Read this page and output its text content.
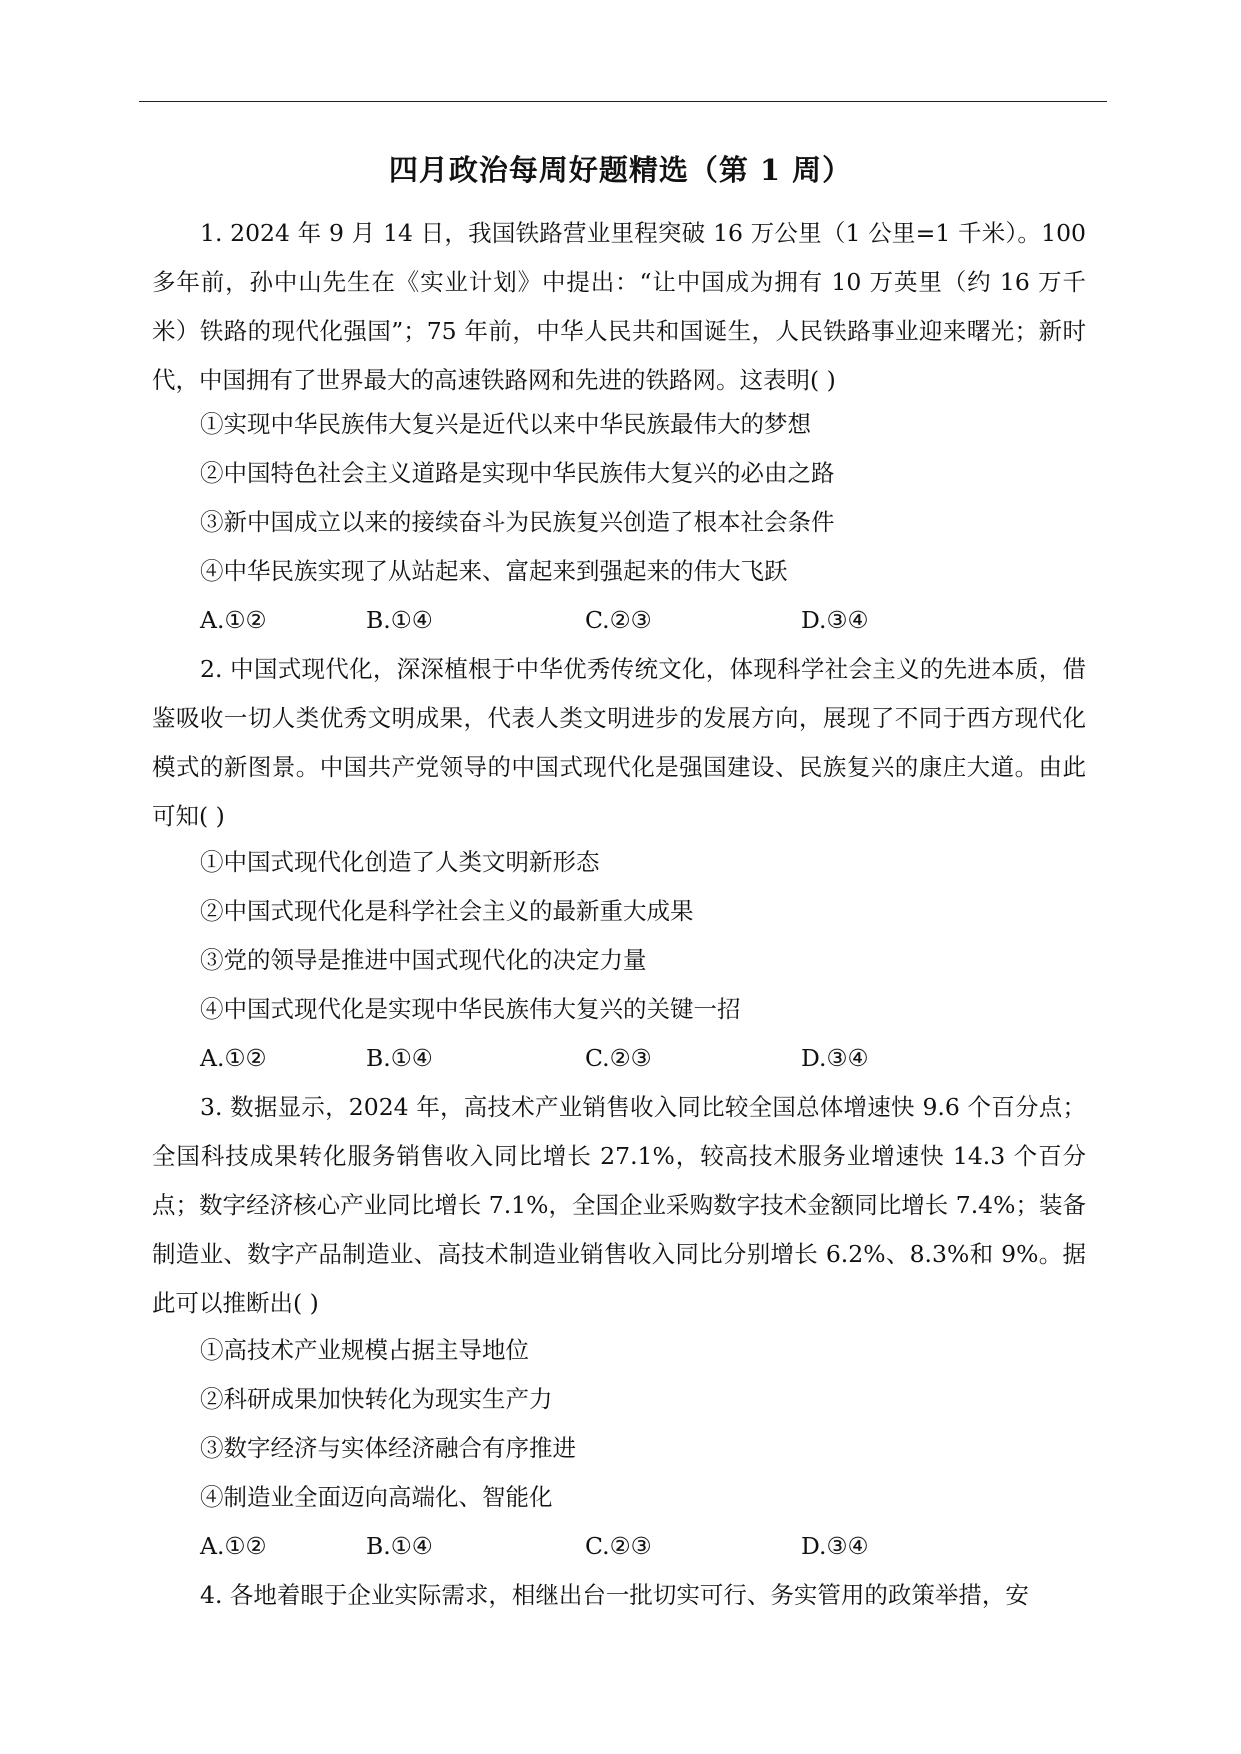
四月政治每周好题精选（第 1 周）
1. 2024 年 9 月 14 日，我国铁路营业里程突破 16 万公里（1 公里=1 千米）。100 多年前，孙中山先生在《实业计划》中提出：“让中国成为拥有 10 万英里（约 16 万千米）铁路的现代化强国”；75 年前，中华人民共和国诞生，人民铁路事业迎来曙光；新时代，中国拥有了世界最大的高速铁路网和先进的铁路网。这表明( )
①实现中华民族伟大复兴是近代以来中华民族最伟大的梦想
②中国特色社会主义道路是实现中华民族伟大复兴的必由之路
③新中国成立以来的接续奋斗为民族复兴创造了根本社会条件
④中华民族实现了从站起来、富起来到强起来的伟大飞跃
A.①②	B.①④	C.②③	D.③④
2. 中国式现代化，深深植根于中华优秀传统文化，体现科学社会主义的先进本质，借鉴吸收一切人类优秀文明成果，代表人类文明进步的发展方向，展现了不同于西方现代化模式的新图景。中国共产党领导的中国式现代化是强国建设、民族复兴的康庄大道。由此可知( )
①中国式现代化创造了人类文明新形态
②中国式现代化是科学社会主义的最新重大成果
③党的领导是推进中国式现代化的决定力量
④中国式现代化是实现中华民族伟大复兴的关键一招
A.①②	B.①④	C.②③	D.③④
3. 数据显示，2024 年，高技术产业销售收入同比较全国总体增速快 9.6 个百分点；全国科技成果转化服务销售收入同比增长 27.1%，较高技术服务业增速快 14.3 个百分点；数字经济核心产业同比增长 7.1%，全国企业采购数字技术金额同比增长 7.4%；装备制造业、数字产品制造业、高技术制造业销售收入同比分别增长 6.2%、8.3%和 9%。据此可以推断出( )
①高技术产业规模占据主导地位
②科研成果加快转化为现实生产力
③数字经济与实体经济融合有序推进
④制造业全面迈向高端化、智能化
A.①②	B.①④	C.②③	D.③④
4. 各地着眼于企业实际需求，相继出台一批切实可行、务实管用的政策举措，安
